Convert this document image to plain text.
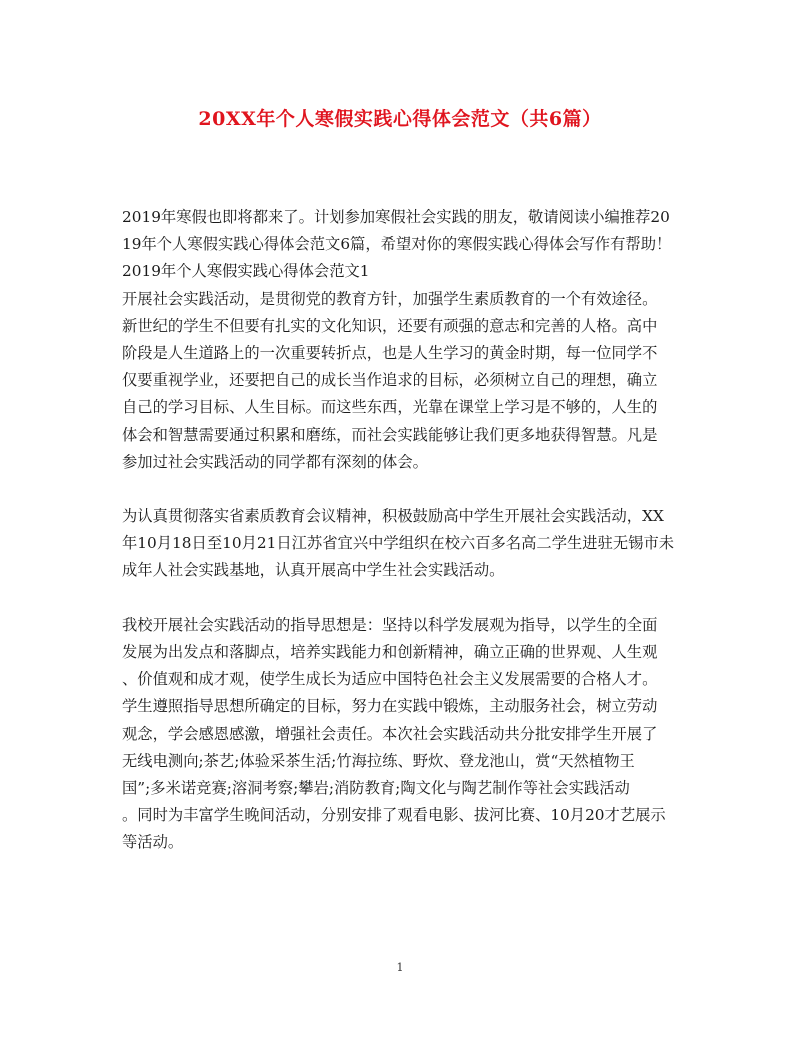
20XX年个人寒假实践心得体会范文（共6篇）
2019年寒假也即将都来了。计划参加寒假社会实践的朋友，敬请阅读小编推荐20
19年个人寒假实践心得体会范文6篇，希望对你的寒假实践心得体会写作有帮助！
2019年个人寒假实践心得体会范文1
开展社会实践活动，是贯彻党的教育方针，加强学生素质教育的一个有效途径。
新世纪的学生不但要有扎实的文化知识，还要有顽强的意志和完善的人格。高中
阶段是人生道路上的一次重要转折点，也是人生学习的黄金时期，每一位同学不
仅要重视学业，还要把自己的成长当作追求的目标，必须树立自己的理想，确立
自己的学习目标、人生目标。而这些东西，光靠在课堂上学习是不够的，人生的
体会和智慧需要通过积累和磨练，而社会实践能够让我们更多地获得智慧。凡是
参加过社会实践活动的同学都有深刻的体会。
为认真贯彻落实省素质教育会议精神，积极鼓励高中学生开展社会实践活动，XX
年10月18日至10月21日江苏省宜兴中学组织在校六百多名高二学生进驻无锡市未
成年人社会实践基地，认真开展高中学生社会实践活动。
我校开展社会实践活动的指导思想是：坚持以科学发展观为指导，以学生的全面
发展为出发点和落脚点，培养实践能力和创新精神，确立正确的世界观、人生观
、价值观和成才观，使学生成长为适应中国特色社会主义发展需要的合格人才。
学生遵照指导思想所确定的目标，努力在实践中锻炼，主动服务社会，树立劳动
观念，学会感恩感激，增强社会责任。本次社会实践活动共分批安排学生开展了
无线电测向;茶艺;体验采茶生活;竹海拉练、野炊、登龙池山，赏“天然植物王
国”;多米诺竞赛;溶洞考察;攀岩;消防教育;陶文化与陶艺制作等社会实践活动
。同时为丰富学生晚间活动，分别安排了观看电影、拔河比赛、10月20才艺展示
等活动。
1
